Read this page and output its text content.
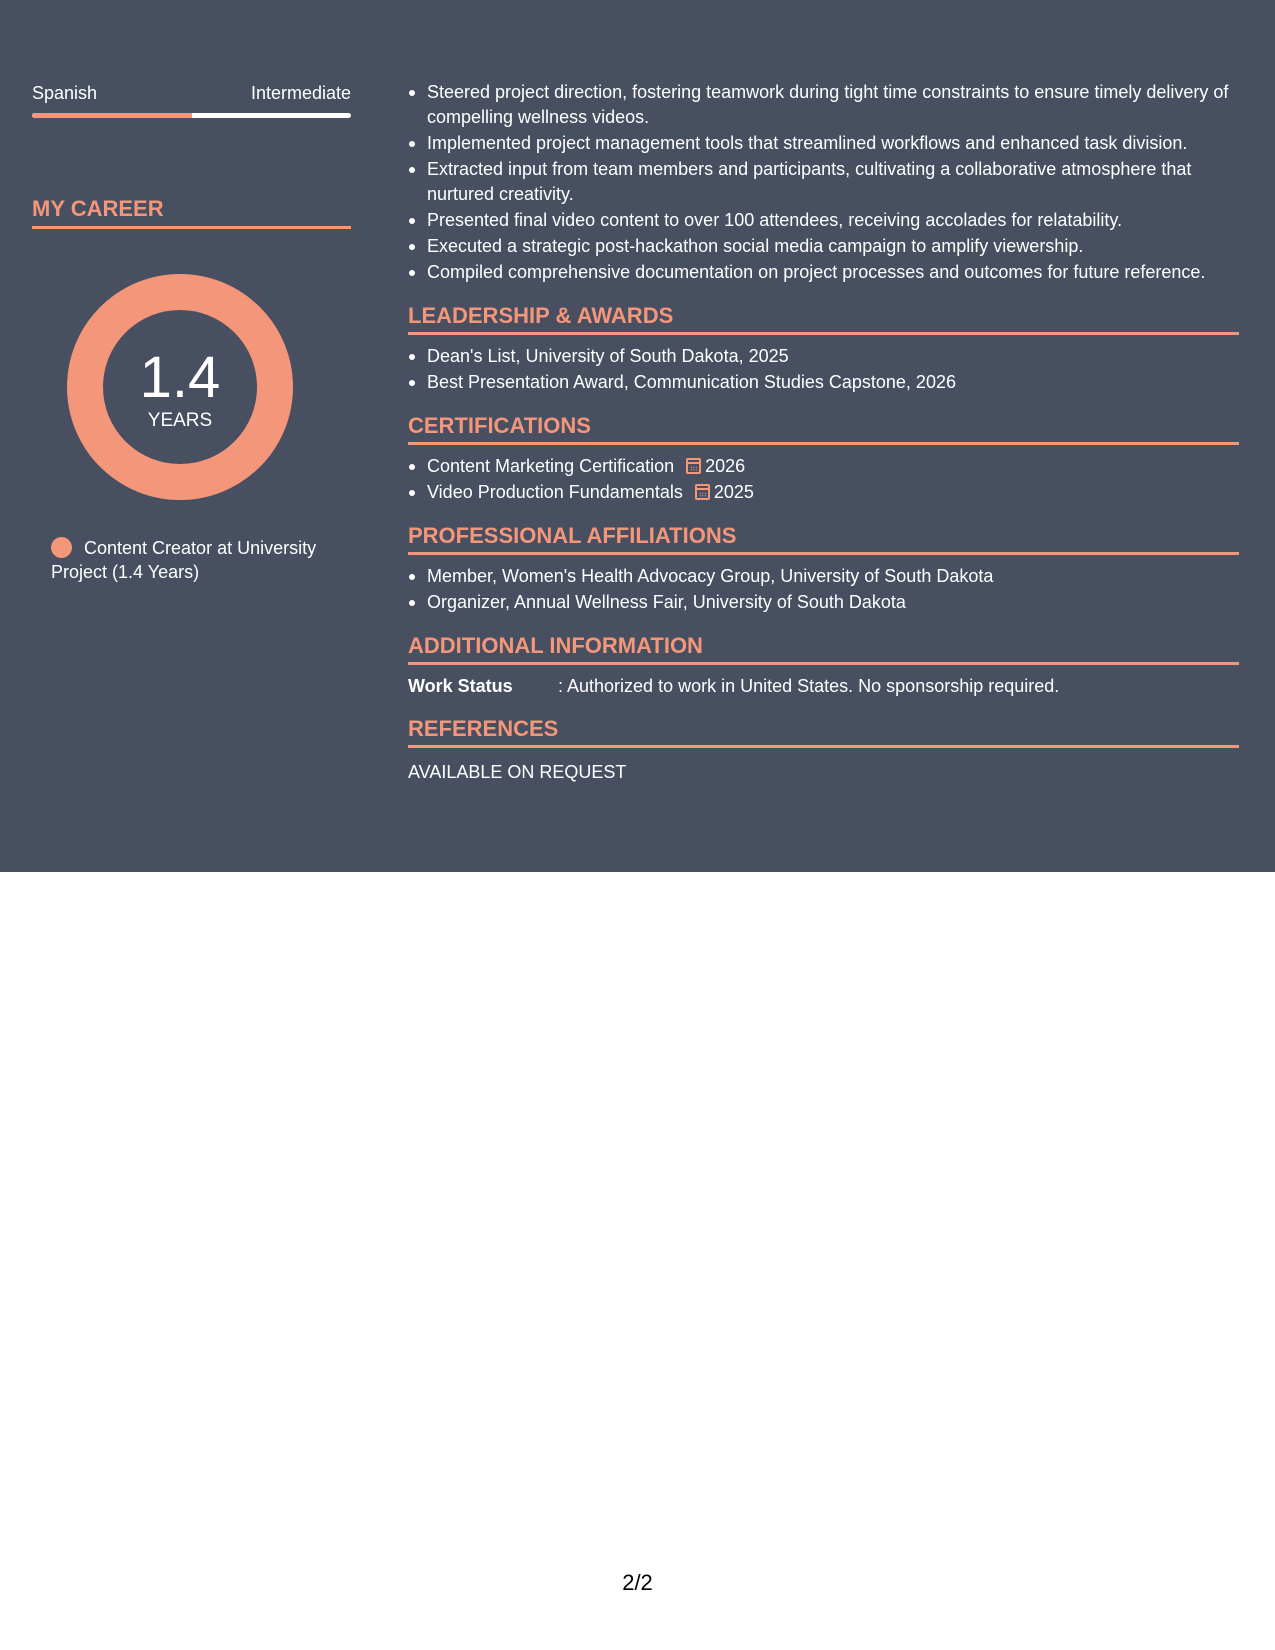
Spanish	Intermediate
MY CAREER
1.4
YEARS
Content Creator at University Project (1.4 Years)
Steered project direction, fostering teamwork during tight time constraints to ensure timely delivery of compelling wellness videos.
Implemented project management tools that streamlined workflows and enhanced task division.
Extracted input from team members and participants, cultivating a collaborative atmosphere that nurtured creativity.
Presented final video content to over 100 attendees, receiving accolades for relatability.
Executed a strategic post-hackathon social media campaign to amplify viewership.
Compiled comprehensive documentation on project processes and outcomes for future reference.
LEADERSHIP & AWARDS
Dean's List, University of South Dakota, 2025
Best Presentation Award, Communication Studies Capstone, 2026
CERTIFICATIONS
Content Marketing Certification 2026
Video Production Fundamentals 2025
PROFESSIONAL AFFILIATIONS
Member, Women's Health Advocacy Group, University of South Dakota
Organizer, Annual Wellness Fair, University of South Dakota
ADDITIONAL INFORMATION
Work Status	: Authorized to work in United States. No sponsorship required.
REFERENCES
AVAILABLE ON REQUEST
2/2
